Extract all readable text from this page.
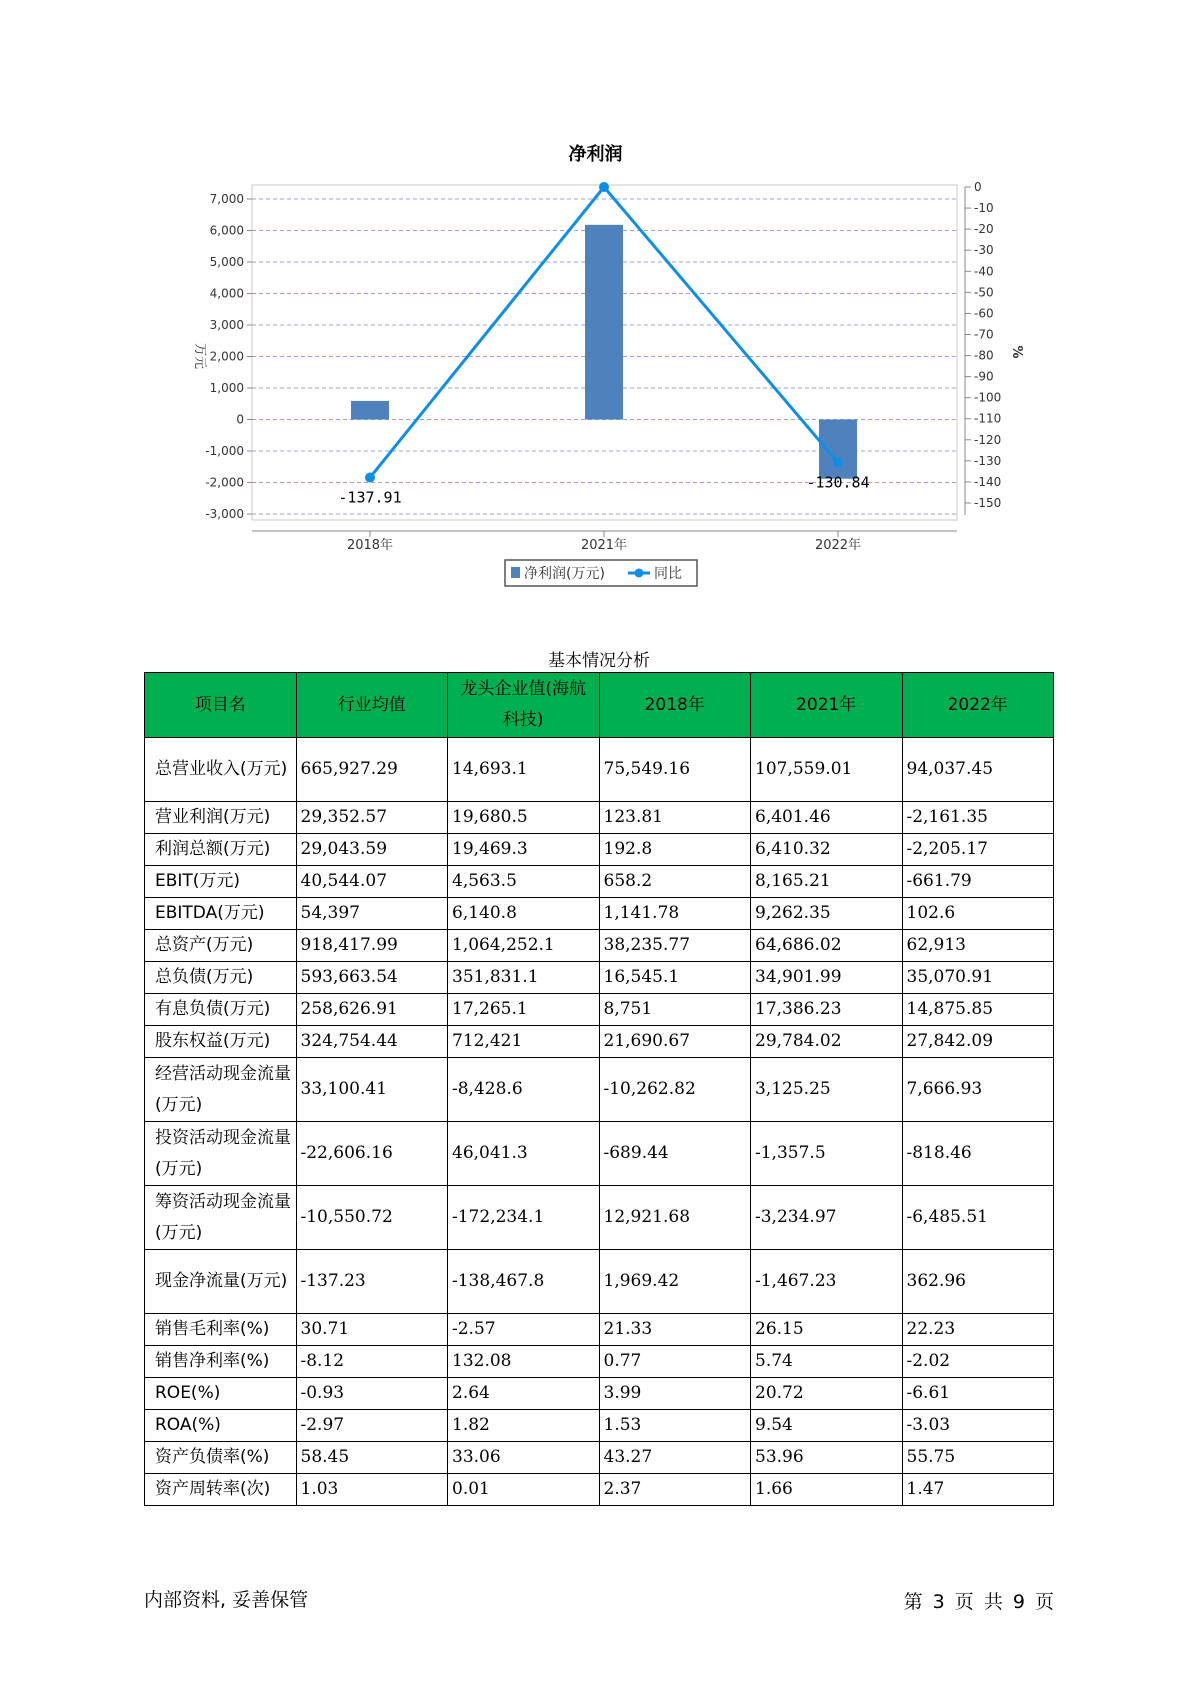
净利润
7,000
6,000
5,000
4,000
3,000
2,000
1,000
0
-1,000
-2,000
-3,000
万元
0
-10
-20
-30
-40
-50
-60
-70
-80
-90
-100
-110
-120
-130
-140
-150
%
2018年	2021年	2022年
-137.91
-130.84
净利润(万元)	同比
基本情况分析
项目名	行业均值	龙头企业值(海航科技)	2018年	2021年	2022年
总营业收入(万元)	665,927.29	14,693.1	75,549.16	107,559.01	94,037.45
营业利润(万元)	29,352.57	19,680.5	123.81	6,401.46	-2,161.35
利润总额(万元)	29,043.59	19,469.3	192.8	6,410.32	-2,205.17
EBIT(万元)	40,544.07	4,563.5	658.2	8,165.21	-661.79
EBITDA(万元)	54,397	6,140.8	1,141.78	9,262.35	102.6
总资产(万元)	918,417.99	1,064,252.1	38,235.77	64,686.02	62,913
总负债(万元)	593,663.54	351,831.1	16,545.1	34,901.99	35,070.91
有息负债(万元)	258,626.91	17,265.1	8,751	17,386.23	14,875.85
股东权益(万元)	324,754.44	712,421	21,690.67	29,784.02	27,842.09
经营活动现金流量(万元)	33,100.41	-8,428.6	-10,262.82	3,125.25	7,666.93
投资活动现金流量(万元)	-22,606.16	46,041.3	-689.44	-1,357.5	-818.46
筹资活动现金流量(万元)	-10,550.72	-172,234.1	12,921.68	-3,234.97	-6,485.51
现金净流量(万元)	-137.23	-138,467.8	1,969.42	-1,467.23	362.96
销售毛利率(%)	30.71	-2.57	21.33	26.15	22.23
销售净利率(%)	-8.12	132.08	0.77	5.74	-2.02
ROE(%)	-0.93	2.64	3.99	20.72	-6.61
ROA(%)	-2.97	1.82	1.53	9.54	-3.03
资产负债率(%)	58.45	33.06	43.27	53.96	55.75
资产周转率(次)	1.03	0.01	2.37	1.66	1.47
内部资料, 妥善保管	第 3 页 共 9 页
